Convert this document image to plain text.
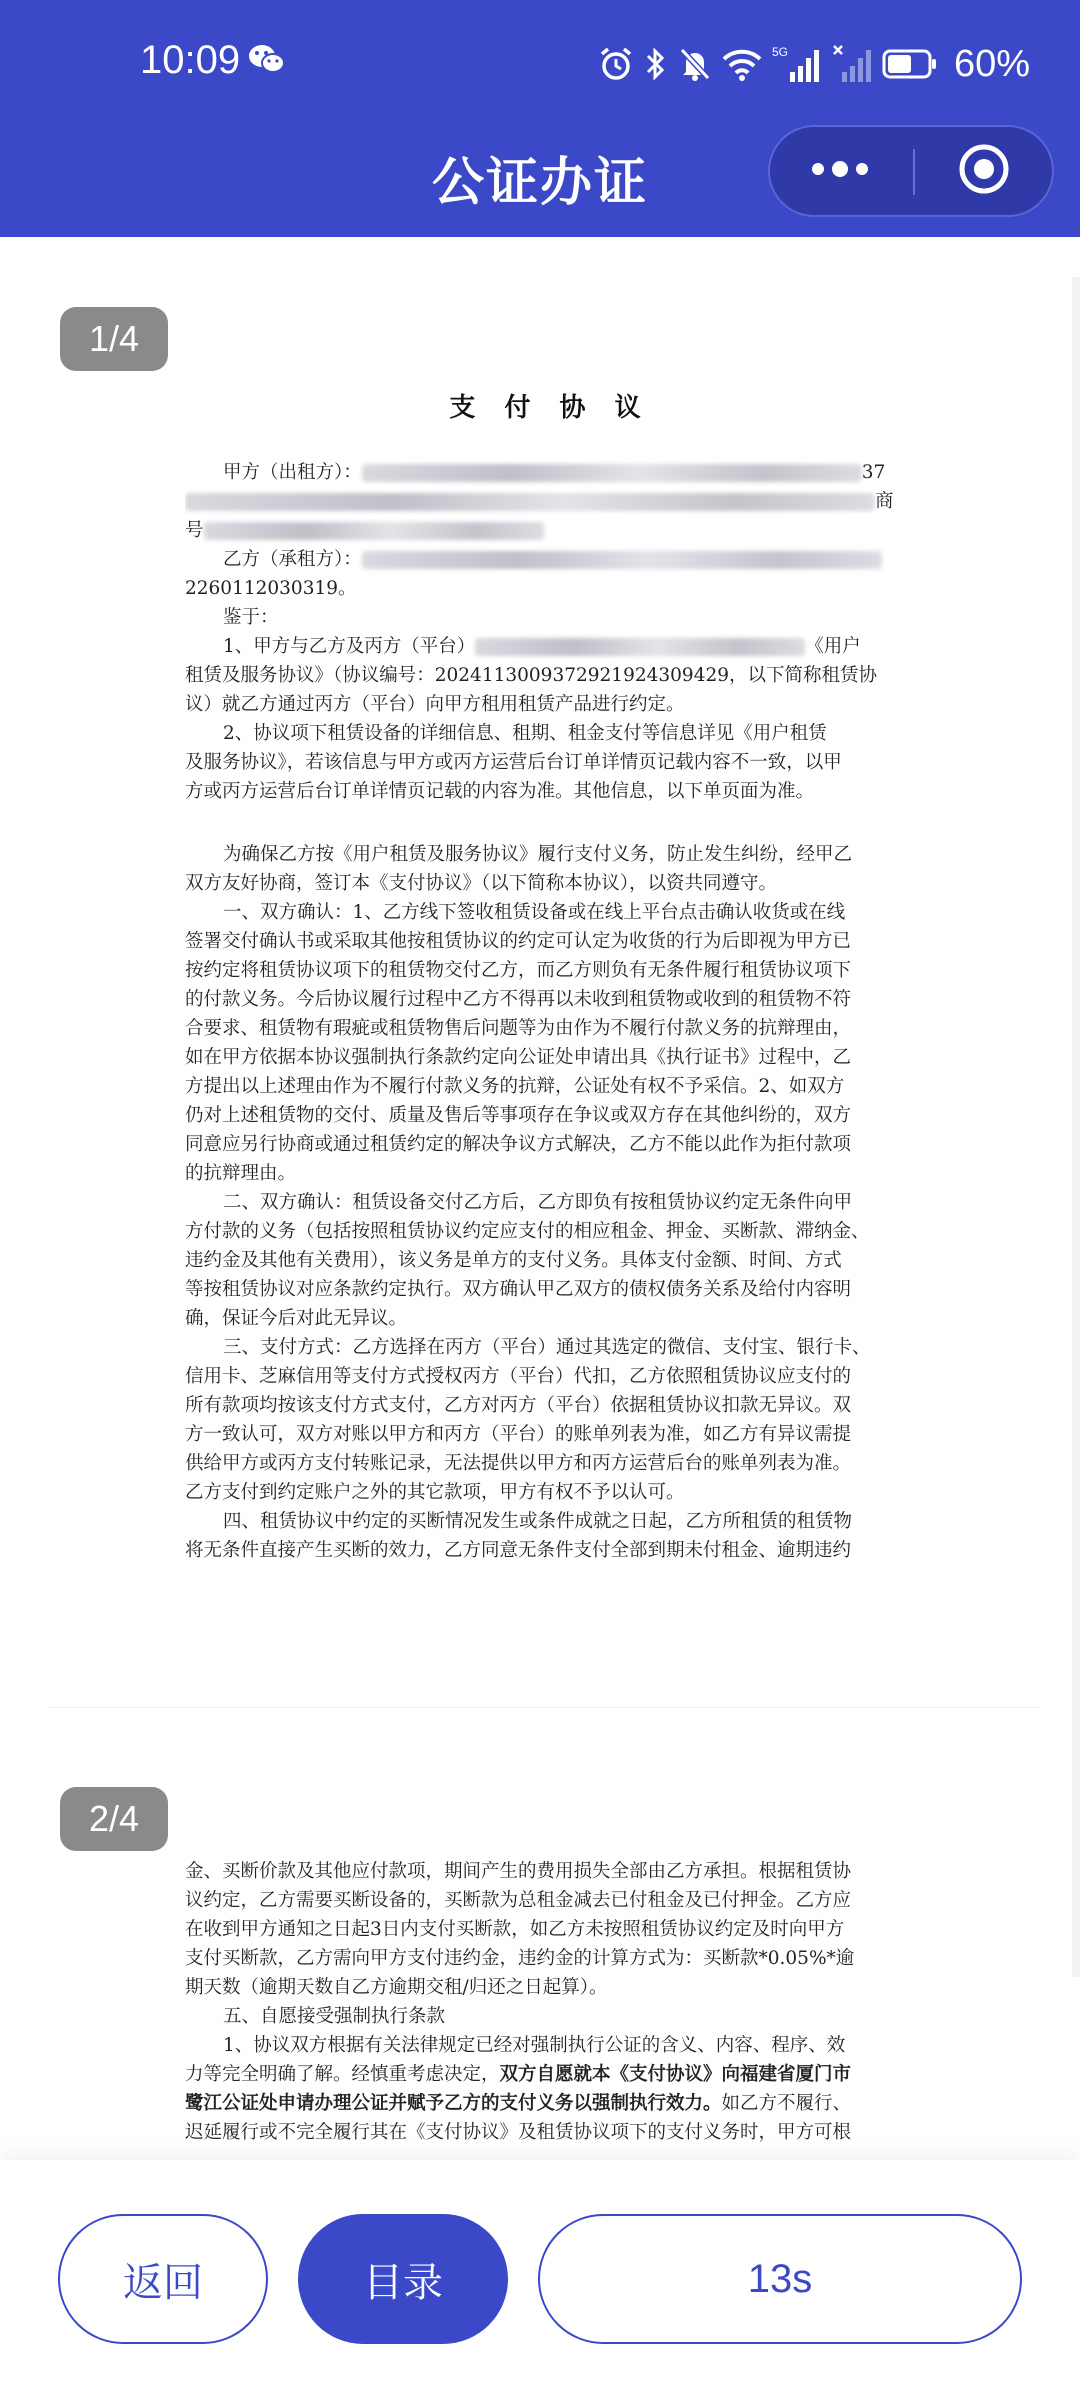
10:09	5G	60%
公证办证
1/4
支 付 协 议
甲方（出租方）：	37
商
号
乙方（承租方）：
2260112030319。
鉴于：
1、甲方与乙方及丙方（平台）	《用户
租赁及服务协议》（协议编号：20241130093729219243094​29，以下简称租赁协
议）就乙方通过丙方（平台）向甲方租用租赁产品进行约定。
2、协议项下租赁设备的详细信息、租期、租金支付等信息详见《用户租赁
及服务协议》，若该信息与甲方或丙方运营后台订单详情页记载内容不一致，以甲
方或丙方运营后台订单详情页记载的内容为准。其他信息，以下单页面为准。
为确保乙方按《用户租赁及服务协议》履行支付义务，防止发生纠纷，经甲乙
双方友好协商，签订本《支付协议》（以下简称本协议），以资共同遵守。
一、双方确认：1、乙方线下签收租赁设备或在线上平台点击确认收货或在线
签署交付确认书或采取其他按租赁协议的约定可认定为收货的行为后即视为甲方已
按约定将租赁协议项下的租赁物交付乙方，而乙方则负有无条件履行租赁协议项下
的付款义务。今后协议履行过程中乙方不得再以未收到租赁物或收到的租赁物不符
合要求、租赁物有瑕疵或租赁物售后问题等为由作为不履行付款义务的抗辩理由，
如在甲方依据本协议强制执行条款约定向公证处申请出具《执行证书》过程中，乙
方提出以上述理由作为不履行付款义务的抗辩，公证处有权不予采信。2、如双方
仍对上述租赁物的交付、质量及售后等事项存在争议或双方存在其他纠纷的，双方
同意应另行协商或通过租赁约定的解决争议方式解决，乙方不能以此作为拒付款项
的抗辩理由。
二、双方确认：租赁设备交付乙方后，乙方即负有按租赁协议约定无条件向甲
方付款的义务（包括按照租赁协议约定应支付的相应租金、押金、买断款、滞纳金、
违约金及其他有关费用），该义务是单方的支付义务。具体支付金额、时间、方式
等按租赁协议对应条款约定执行。双方确认甲乙双方的债权债务关系及给付内容明
确，保证今后对此无异议。
三、支付方式：乙方选择在丙方（平台）通过其选定的微信、支付宝、银行卡、
信用卡、芝麻信用等支付方式授权丙方（平台）代扣，乙方依照租赁协议应支付的
所有款项均按该支付方式支付，乙方对丙方（平台）依据租赁协议扣款无异议。双
方一致认可，双方对账以甲方和丙方（平台）的账单列表为准，如乙方有异议需提
供给甲方或丙方支付转账记录，无法提供以甲方和丙方运营后台的账单列表为准。
乙方支付到约定账户之外的其它款项，甲方有权不予以认可。
四、租赁协议中约定的买断情况发生或条件成就之日起，乙方所租赁的租赁物
将无条件直接产生买断的效力，乙方同意无条件支付全部到期未付租金、逾期违约
2/4
金、买断价款及其他应付款项，期间产生的费用损失全部由乙方承担。根据租赁协
议约定，乙方需要买断设备的，买断款为总租金减去已付租金及已付押金。乙方应
在收到甲方通知之日起3日内支付买断款，如乙方未按照租赁协议约定及时向甲方
支付买断款，乙方需向甲方支付违约金，违约金的计算方式为：买断款*0.05%*逾
期天数（逾期天数自乙方逾期交租/归还之日起算）。
五、自愿接受强制执行条款
1、协议双方根据有关法律规定已经对强制执行公证的含义、内容、程序、效
力等完全明确了解。经慎重考虑决定，双方自愿就本《支付协议》向福建省厦门市
鹭江公证处申请办理公证并赋予乙方的支付义务以强制执行效力。如乙方不履行、
迟延履行或不完全履行其在《支付协议》及租赁协议项下的支付义务时，甲方可根
返回	目录	13s
